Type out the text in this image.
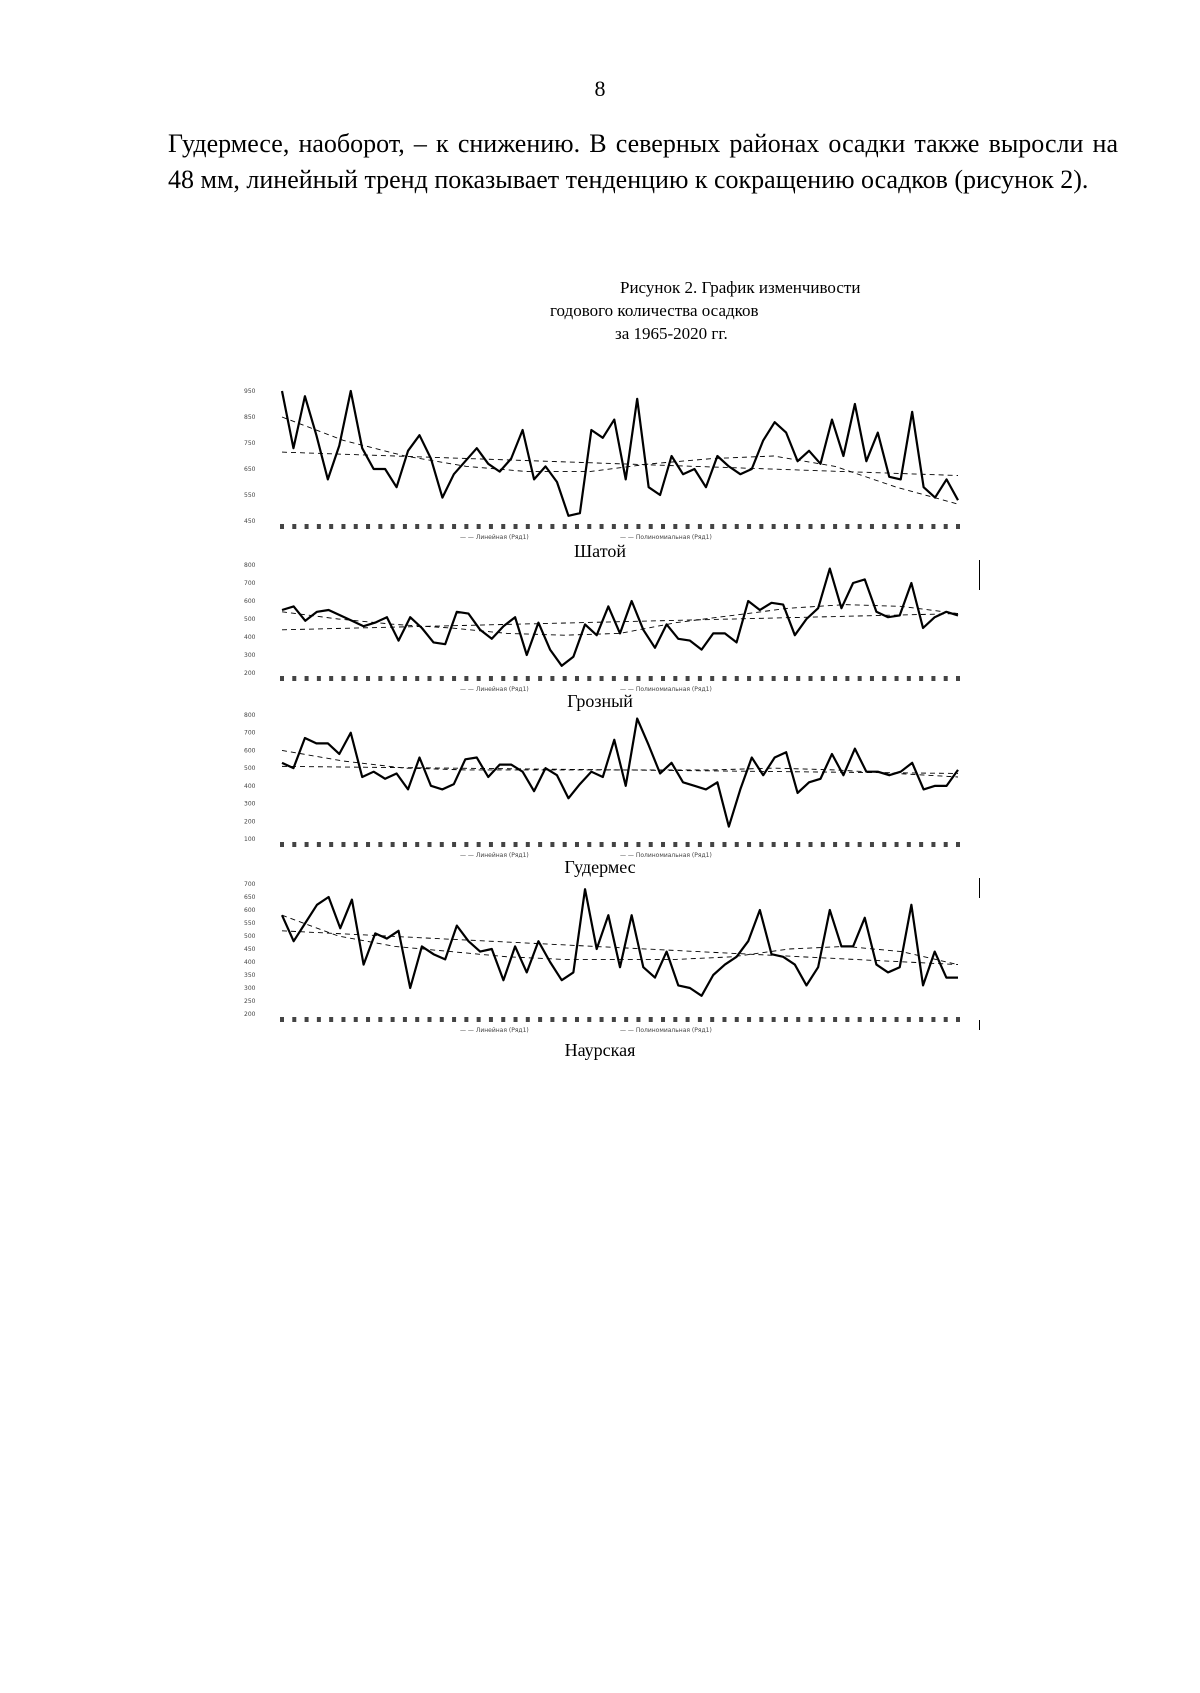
8
Гудермесе, наоборот, – к снижению. В северных районах осадки также выросли на 48 мм, линейный тренд показывает тенденцию к сокращению осадков (рисунок 2).
Рисунок 2. График изменчивости
годового количества осадков
за 1965-2020 гг.
950
850
750
650
550
450
— — Линейная (Ряд1)	— — Полиномиальная (Ряд1)
Шатой
800
700
600
500
400
300
200
— — Линейная (Ряд1)	— — Полиномиальная (Ряд1)
Грозный
800
700
600
500
400
300
200
100
— — Линейная (Ряд1)	— — Полиномиальная (Ряд1)
Гудермес
700
650
600
550
500
450
400
350
300
250
200
— — Линейная (Ряд1)	— — Полиномиальная (Ряд1)
Наурская
